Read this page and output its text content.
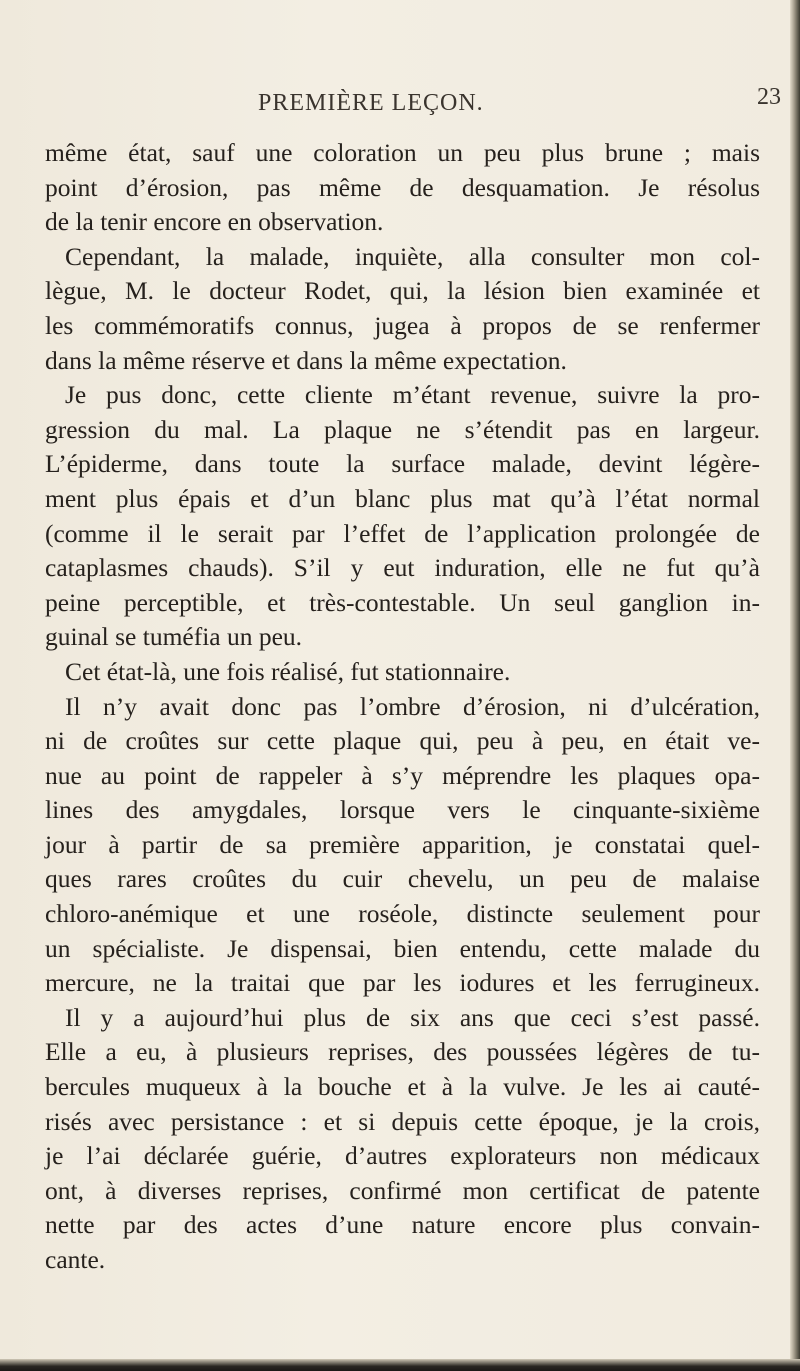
PREMIÈRE LEÇON.	23
même état, sauf une coloration un peu plus brune ; mais
point d’érosion, pas même de desquamation. Je résolus
de la tenir encore en observation.
Cependant, la malade, inquiète, alla consulter mon col-
lègue, M. le docteur Rodet, qui, la lésion bien examinée et
les commémoratifs connus, jugea à propos de se renfermer
dans la même réserve et dans la même expectation.
Je pus donc, cette cliente m’étant revenue, suivre la pro-
gression du mal. La plaque ne s’étendit pas en largeur.
L’épiderme, dans toute la surface malade, devint légère-
ment plus épais et d’un blanc plus mat qu’à l’état normal
(comme il le serait par l’effet de l’application prolongée de
cataplasmes chauds). S’il y eut induration, elle ne fut qu’à
peine perceptible, et très-contestable. Un seul ganglion in-
guinal se tuméfia un peu.
Cet état-là, une fois réalisé, fut stationnaire.
Il n’y avait donc pas l’ombre d’érosion, ni d’ulcération,
ni de croûtes sur cette plaque qui, peu à peu, en était ve-
nue au point de rappeler à s’y méprendre les plaques opa-
lines des amygdales, lorsque vers le cinquante-sixième
jour à partir de sa première apparition, je constatai quel-
ques rares croûtes du cuir chevelu, un peu de malaise
chloro-anémique et une roséole, distincte seulement pour
un spécialiste. Je dispensai, bien entendu, cette malade du
mercure, ne la traitai que par les iodures et les ferrugineux.
Il y a aujourd’hui plus de six ans que ceci s’est passé.
Elle a eu, à plusieurs reprises, des poussées légères de tu-
bercules muqueux à la bouche et à la vulve. Je les ai cauté-
risés avec persistance : et si depuis cette époque, je la crois,
je l’ai déclarée guérie, d’autres explorateurs non médicaux
ont, à diverses reprises, confirmé mon certificat de patente
nette par des actes d’une nature encore plus convain-
cante.
